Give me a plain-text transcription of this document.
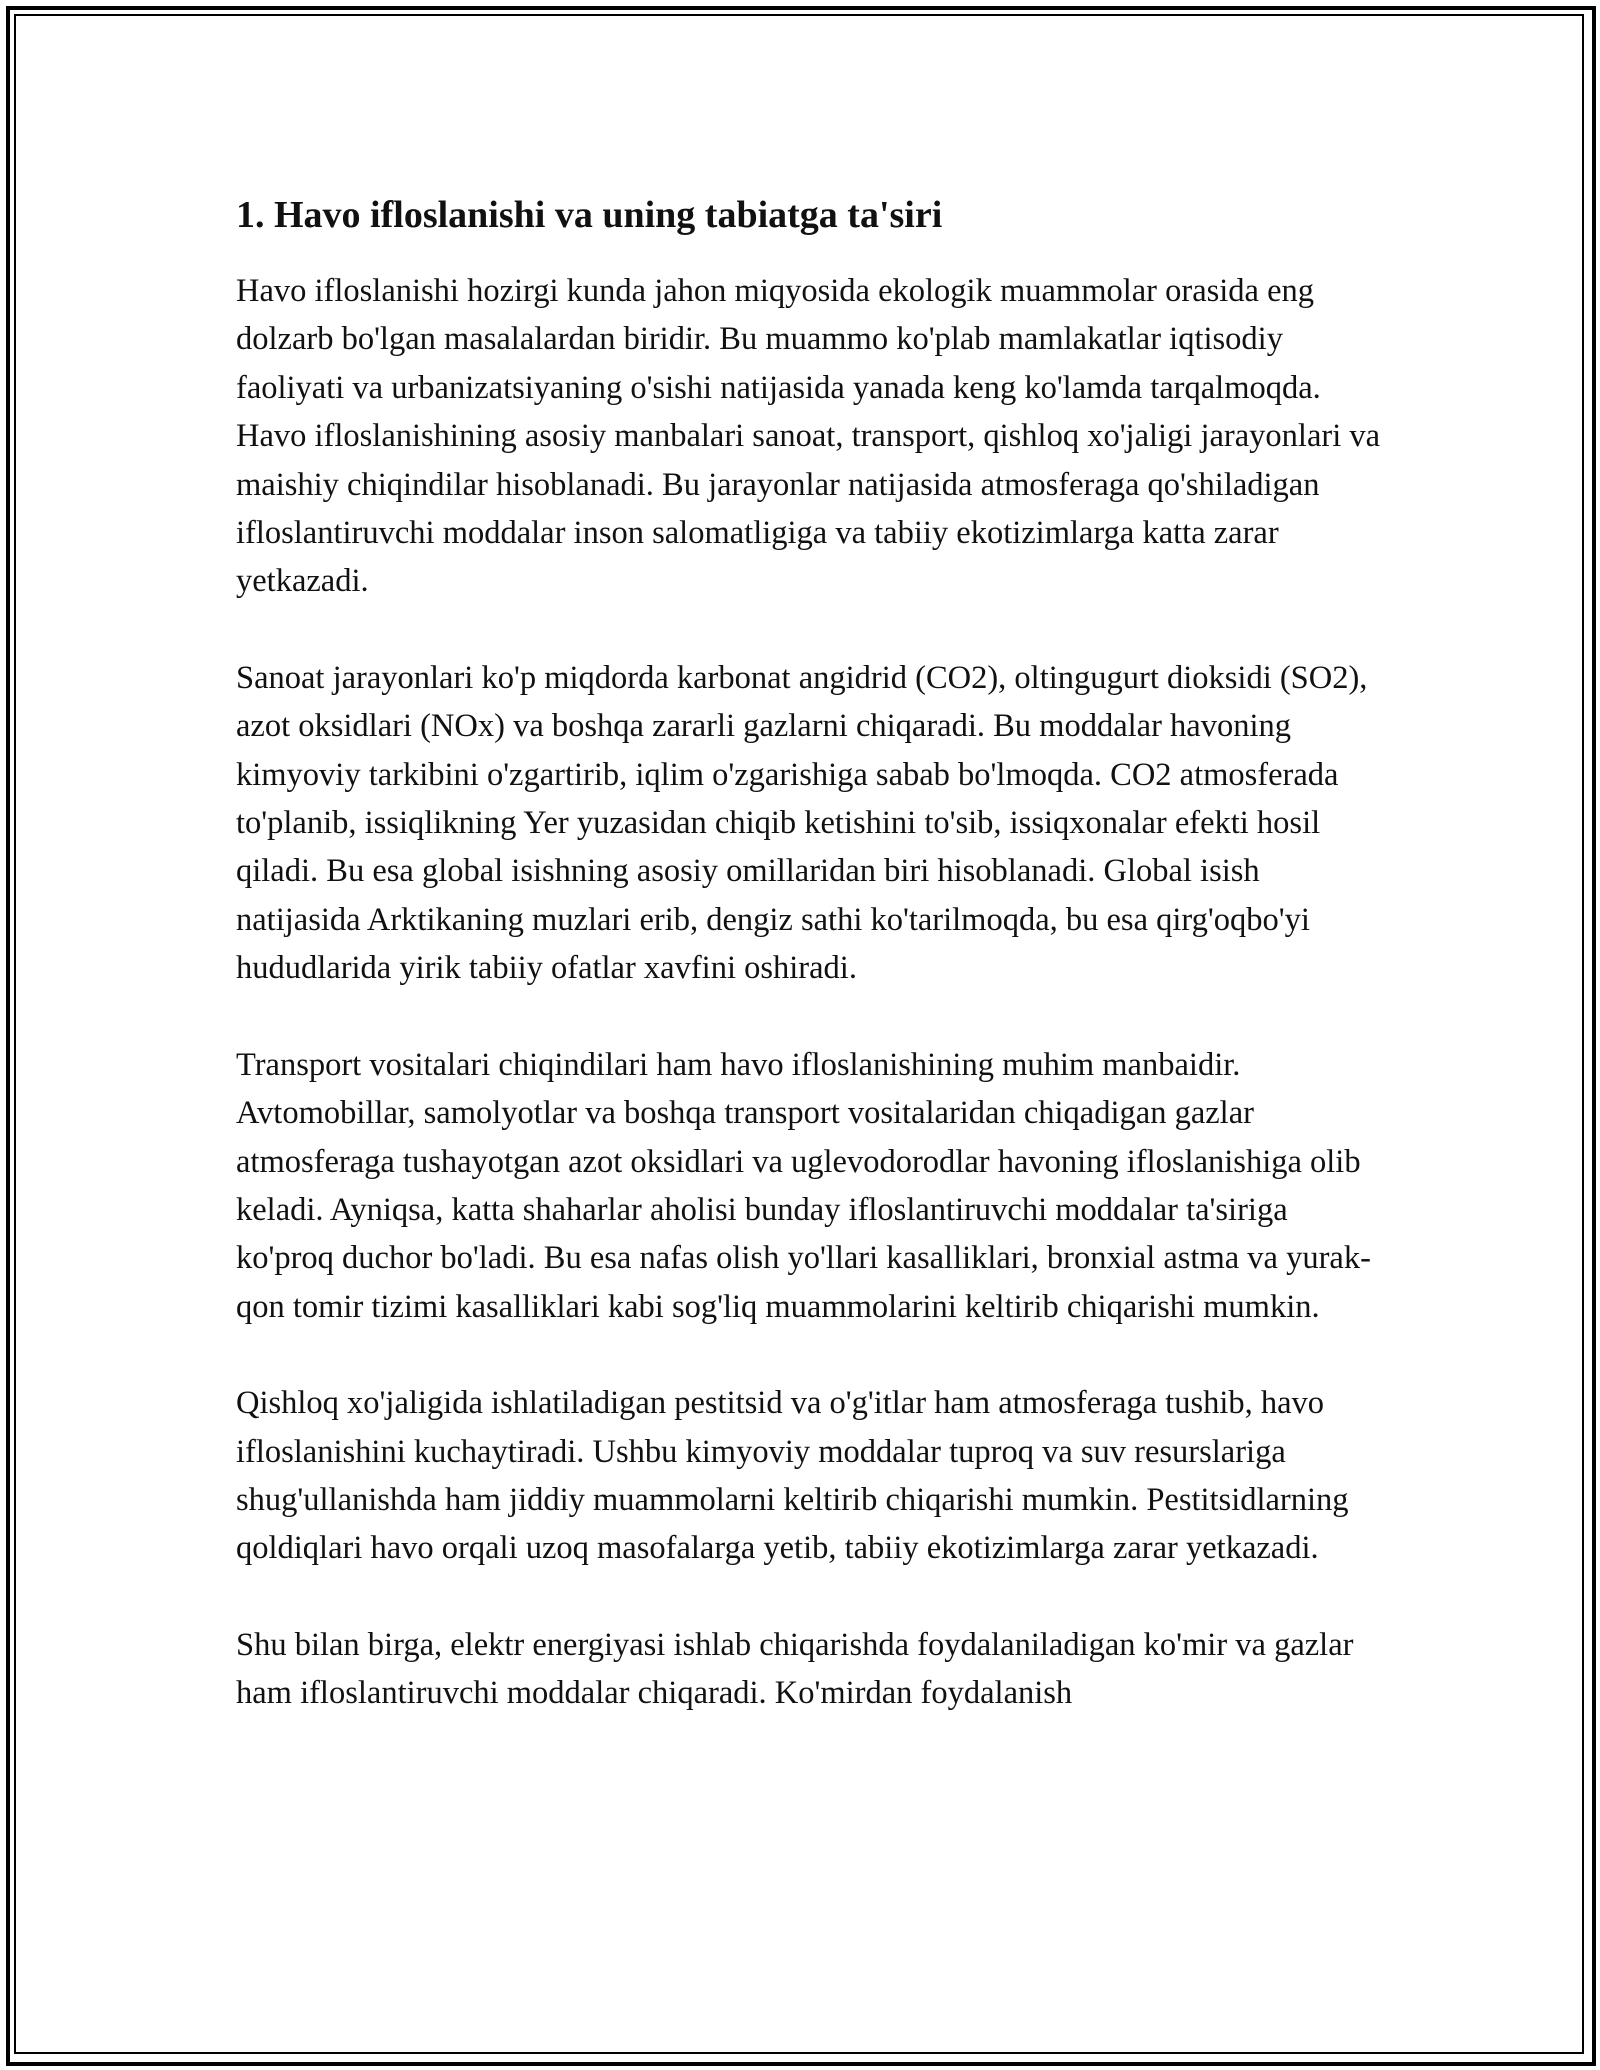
1. Havo ifloslanishi va uning tabiatga ta'siri

Havo ifloslanishi hozirgi kunda jahon miqyosida ekologik muammolar orasida eng dolzarb bo'lgan masalalardan biridir. Bu muammo ko'plab mamlakatlar iqtisodiy faoliyati va urbanizatsiyaning o'sishi natijasida yanada keng ko'lamda tarqalmoqda. Havo ifloslanishining asosiy manbalari sanoat, transport, qishloq xo'jaligi jarayonlari va maishiy chiqindilar hisoblanadi. Bu jarayonlar natijasida atmosferaga qo'shiladigan ifloslantiruvchi moddalar inson salomatligiga va tabiiy ekotizimlarga katta zarar yetkazadi.

Sanoat jarayonlari ko'p miqdorda karbonat angidrid (CO2), oltingugurt dioksidi (SO2), azot oksidlari (NOx) va boshqa zararli gazlarni chiqaradi. Bu moddalar havoning kimyoviy tarkibini o'zgartirib, iqlim o'zgarishiga sabab bo'lmoqda. CO2 atmosferada to'planib, issiqlikning Yer yuzasidan chiqib ketishini to'sib, issiqxonalar efekti hosil qiladi. Bu esa global isishning asosiy omillaridan biri hisoblanadi. Global isish natijasida Arktikaning muzlari erib, dengiz sathi ko'tarilmoqda, bu esa qirg'oqbo'yi hududlarida yirik tabiiy ofatlar xavfini oshiradi.

Transport vositalari chiqindilari ham havo ifloslanishining muhim manbaidir. Avtomobillar, samolyotlar va boshqa transport vositalaridan chiqadigan gazlar atmosferaga tushayotgan azot oksidlari va uglevodorodlar havoning ifloslanishiga olib keladi. Ayniqsa, katta shaharlar aholisi bunday ifloslantiruvchi moddalar ta'siriga ko'proq duchor bo'ladi. Bu esa nafas olish yo'llari kasalliklari, bronxial astma va yurak-qon tomir tizimi kasalliklari kabi sog'liq muammolarini keltirib chiqarishi mumkin.

Qishloq xo'jaligida ishlatiladigan pestitsid va o'g'itlar ham atmosferaga tushib, havo ifloslanishini kuchaytiradi. Ushbu kimyoviy moddalar tuproq va suv resurslariga shug'ullanishda ham jiddiy muammolarni keltirib chiqarishi mumkin. Pestitsidlarning qoldiqlari havo orqali uzoq masofalarga yetib, tabiiy ekotizimlarga zarar yetkazadi.

Shu bilan birga, elektr energiyasi ishlab chiqarishda foydalaniladigan ko'mir va gazlar ham ifloslantiruvchi moddalar chiqaradi. Ko'mirdan foydalanish
